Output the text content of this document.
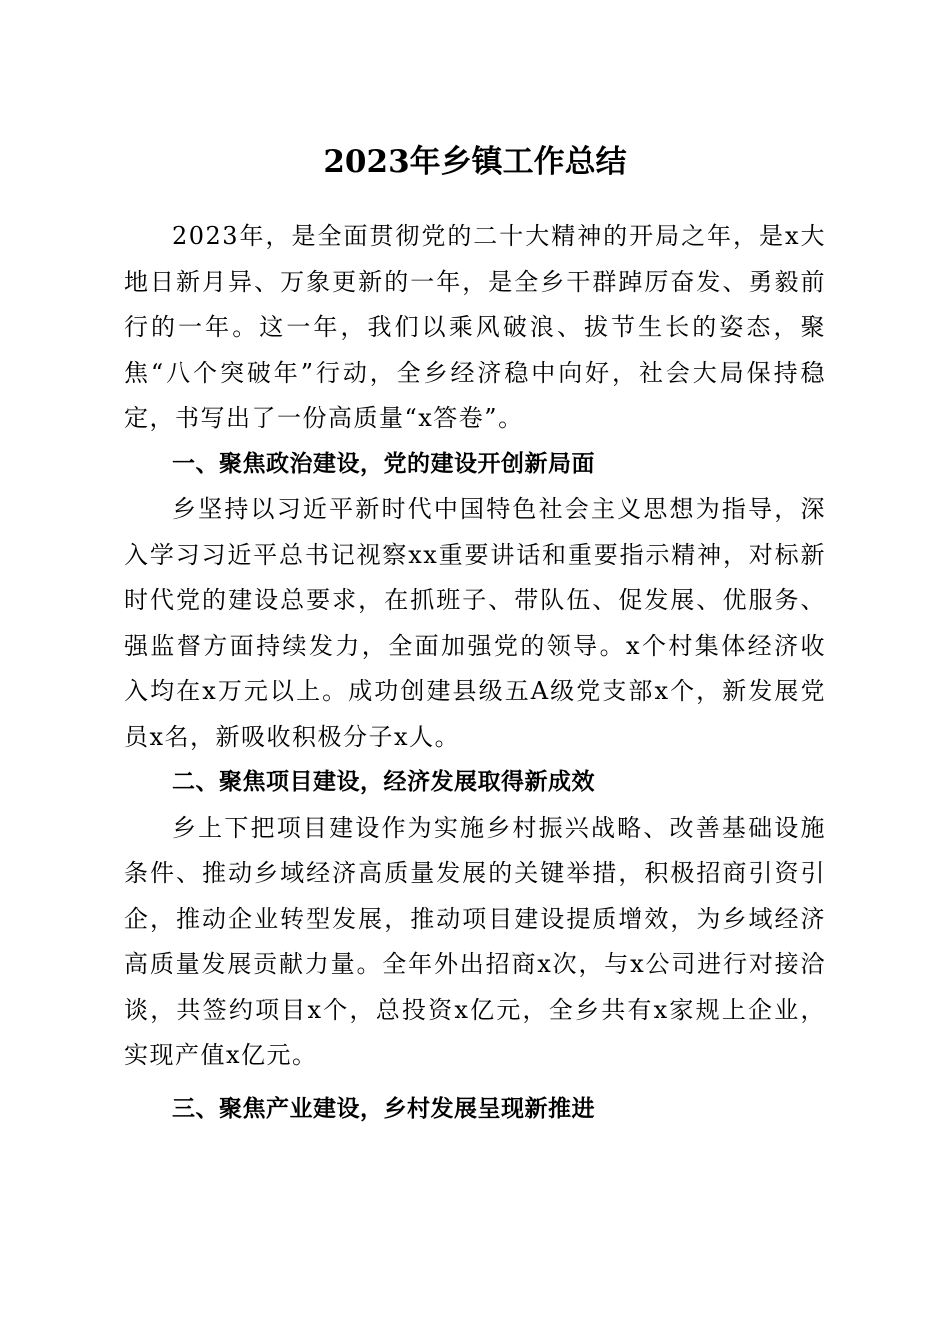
2023年乡镇工作总结

2023年，是全面贯彻党的二十大精神的开局之年，是x大地日新月异、万象更新的一年，是全乡干群踔厉奋发、勇毅前行的一年。这一年，我们以乘风破浪、拔节生长的姿态，聚焦“八个突破年”行动，全乡经济稳中向好，社会大局保持稳定，书写出了一份高质量“x答卷”。

一、聚焦政治建设，党的建设开创新局面

乡坚持以习近平新时代中国特色社会主义思想为指导，深入学习习近平总书记视察xx重要讲话和重要指示精神，对标新时代党的建设总要求，在抓班子、带队伍、促发展、优服务、强监督方面持续发力，全面加强党的领导。x个村集体经济收入均在x万元以上。成功创建县级五A级党支部x个，新发展党员x名，新吸收积极分子x人。

二、聚焦项目建设，经济发展取得新成效

乡上下把项目建设作为实施乡村振兴战略、改善基础设施条件、推动乡域经济高质量发展的关键举措，积极招商引资引企，推动企业转型发展，推动项目建设提质增效，为乡域经济高质量发展贡献力量。全年外出招商x次，与x公司进行对接洽谈，共签约项目x个，总投资x亿元，全乡共有x家规上企业，实现产值x亿元。

三、聚焦产业建设，乡村发展呈现新推进
